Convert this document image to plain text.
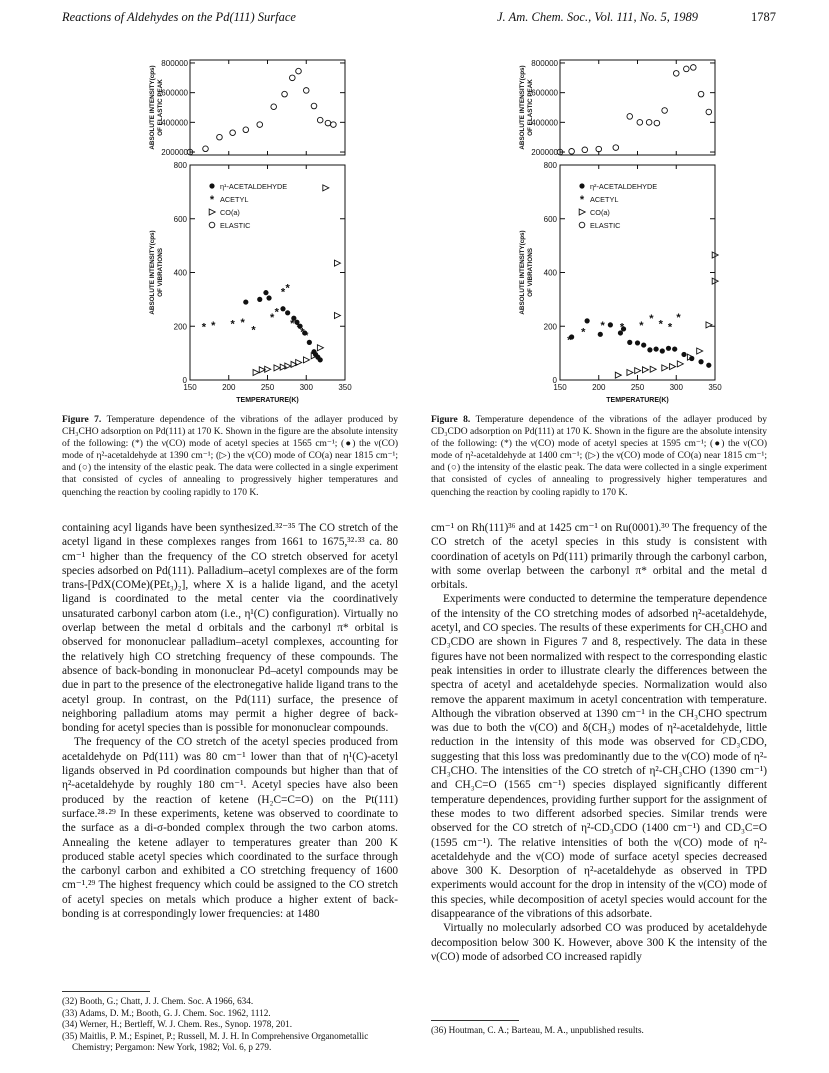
Reactions of Aldehydes on the Pd(111) Surface	J. Am. Chem. Soc., Vol. 111, No. 5, 1989	1787
800000
600000
400000
200000
ABSOLUTE INTENSITY(cps) OF ELASTIC PEAK
0
200
400
600
800
150	200	250	300	350
TEMPERATURE(K)
ABSOLUTE INTENSITY(cps) OF VIBRATIONS
η¹-ACETALDEHYDE
* ACETYL
CO(a)
ELASTIC
* * * *
*
* *
* *
* * * *
800000
600000
400000
200000
ABSOLUTE INTENSITY(cps) OF ELASTIC PEAK
0
200
400
600
800
150	200	250	300	350
TEMPERATURE(K)
ABSOLUTE INTENSITY(cps) OF VIBRATIONS
η²-ACETALDEHYDE
* ACETYL
CO(a)
ELASTIC
*
*
* * *
* * *
*
Figure 7. Temperature dependence of the vibrations of the adlayer produced by CH₃CHO adsorption on Pd(111) at 170 K. Shown in the figure are the absolute intensity of the following: (*) the ν(CO) mode of acetyl species at 1565 cm⁻¹; (●) the ν(CO) mode of η²-acetaldehyde at 1390 cm⁻¹; (▷) the ν(CO) mode of CO(a) near 1815 cm⁻¹; and (○) the intensity of the elastic peak. The data were collected in a single experiment that consisted of cycles of annealing to progressively higher temperatures and quenching the reaction by cooling rapidly to 170 K.
Figure 8. Temperature dependence of the vibrations of the adlayer produced by CD₃CDO adsorption on Pd(111) at 170 K. Shown in the figure are the absolute intensity of the following: (*) the ν(CO) mode of acetyl species at 1595 cm⁻¹; (●) the ν(CO) mode of η²-acetaldehyde at 1400 cm⁻¹; (▷) the ν(CO) mode of CO(a) near 1815 cm⁻¹; and (○) the intensity of the elastic peak. The data were collected in a single experiment that consisted of cycles of annealing to progressively higher temperatures and quenching the reaction by cooling rapidly to 170 K.

containing acyl ligands have been synthesized.³²⁻³⁵ The CO stretch of the acetyl ligand in these complexes ranges from 1661 to 1675,³²·³³ ca. 80 cm⁻¹ higher than the frequency of the CO stretch observed for acetyl species adsorbed on Pd(111). Palladium–acetyl complexes are of the form trans-[PdX(COMe)(PEt₃)₂], where X is a halide ligand, and the acetyl ligand is coordinated to the metal center via the coordinatively unsaturated carbonyl carbon atom (i.e., η¹(C) configuration). Virtually no overlap between the metal d orbitals and the carbonyl π* orbital is observed for mononuclear palladium–acetyl complexes, accounting for the relatively high CO stretching frequency of these compounds. The absence of back-bonding in mononuclear Pd–acetyl compounds may be due in part to the presence of the electronegative halide ligand trans to the acetyl group. In contrast, on the Pd(111) surface, the presence of neighboring palladium atoms may permit a higher degree of back-bonding for acetyl species than is possible for mononuclear compounds.

The frequency of the CO stretch of the acetyl species produced from acetaldehyde on Pd(111) was 80 cm⁻¹ lower than that of η¹(C)-acetyl ligands observed in Pd coordination compounds but higher than that of η²-acetaldehyde by roughly 180 cm⁻¹. Acetyl species have also been produced by the reaction of ketene (H₂C=C=O) on the Pt(111) surface.²⁸·²⁹ In these experiments, ketene was observed to coordinate to the surface as a di-σ-bonded complex through the two carbon atoms. Annealing the ketene adlayer to temperatures greater than 200 K produced stable acetyl species which coordinated to the surface through the carbonyl carbon and exhibited a CO stretching frequency of 1600 cm⁻¹.²⁹ The highest frequency which could be assigned to the CO stretch of acetyl species on metals which produce a higher extent of back-bonding is at correspondingly lower frequencies: at 1480

(32) Booth, G.; Chatt, J. J. Chem. Soc. A 1966, 634.
(33) Adams, D. M.; Booth, G. J. Chem. Soc. 1962, 1112.
(34) Werner, H.; Bertleff, W. J. Chem. Res., Synop. 1978, 201.
(35) Maitlis, P. M.; Espinet, P.; Russell, M. J. H. In Comprehensive Organometallic Chemistry; Pergamon: New York, 1982; Vol. 6, p 279.

cm⁻¹ on Rh(111)³⁶ and at 1425 cm⁻¹ on Ru(0001).³⁰ The frequency of the CO stretch of the acetyl species in this study is consistent with coordination of acetyls on Pd(111) primarily through the carbonyl carbon, with some overlap between the carbonyl π* orbital and the metal d orbitals.

Experiments were conducted to determine the temperature dependence of the intensity of the CO stretching modes of adsorbed η²-acetaldehyde, acetyl, and CO species. The results of these experiments for CH₃CHO and CD₃CDO are shown in Figures 7 and 8, respectively. The data in these figures have not been normalized with respect to the corresponding elastic peak intensities in order to illustrate clearly the differences between the spectra of acetyl and acetaldehyde species. Normalization would also remove the apparent maximum in acetyl concentration with temperature. Although the vibration observed at 1390 cm⁻¹ in the CH₃CHO spectrum was due to both the ν(CO) and δ(CH₃) modes of η²-acetaldehyde, little reduction in the intensity of this mode was observed for CD₃CDO, suggesting that this loss was predominantly due to the ν(CO) mode of η²-CH₃CHO. The intensities of the CO stretch of η²-CH₃CHO (1390 cm⁻¹) and CH₃C=O (1565 cm⁻¹) species displayed significantly different temperature dependences, providing further support for the assignment of these modes to two different adsorbed species. Similar trends were observed for the CO stretch of η²-CD₃CDO (1400 cm⁻¹) and CD₃C=O (1595 cm⁻¹). The relative intensities of both the ν(CO) mode of η²-acetaldehyde and the ν(CO) mode of surface acetyl species decreased above 300 K. Desorption of η²-acetaldehyde as observed in TPD experiments would account for the drop in intensity of the ν(CO) mode of this species, while decomposition of acetyl species would account for the disappearance of the vibrations of this adsorbate.

Virtually no molecularly adsorbed CO was produced by acetaldehyde decomposition below 300 K. However, above 300 K the intensity of the ν(CO) mode of adsorbed CO increased rapidly

(36) Houtman, C. A.; Barteau, M. A., unpublished results.
